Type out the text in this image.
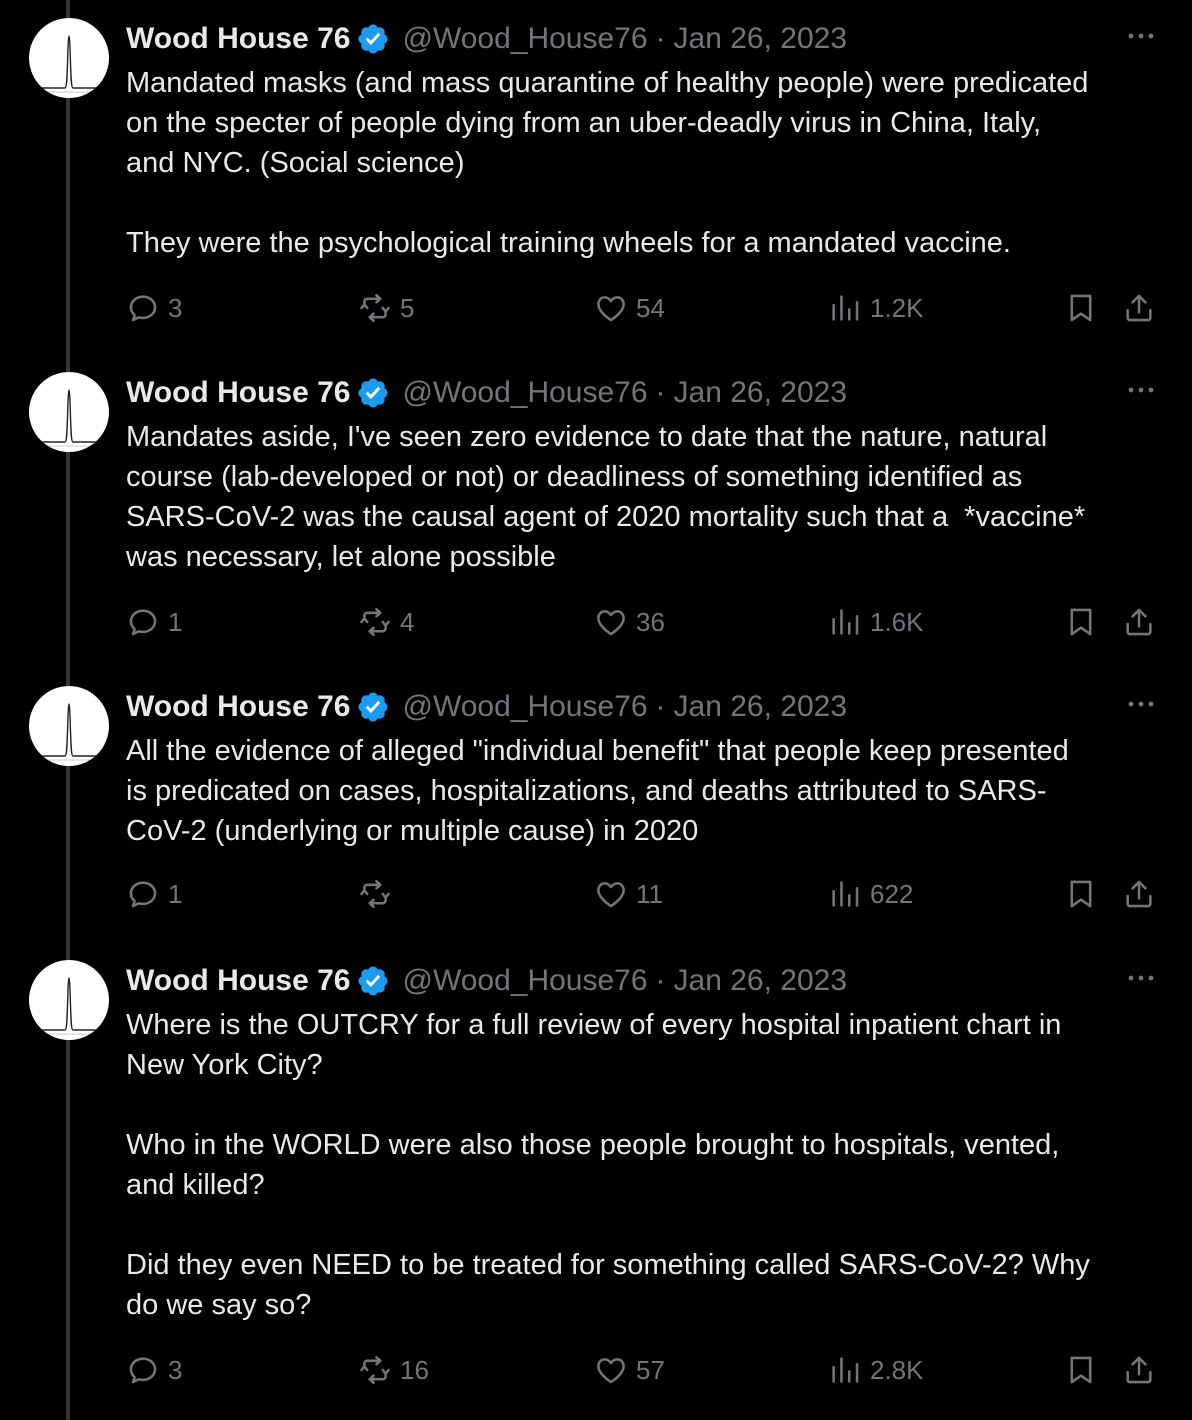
Wood House 76 @Wood_House76 · Jan 26, 2023
Mandated masks (and mass quarantine of healthy people) were predicated
on the specter of people dying from an uber-deadly virus in China, Italy,
and NYC. (Social science)

They were the psychological training wheels for a mandated vaccine.
3	5	54	1.2K
Wood House 76 @Wood_House76 · Jan 26, 2023
Mandates aside, I've seen zero evidence to date that the nature, natural
course (lab-developed or not) or deadliness of something identified as
SARS-CoV-2 was the causal agent of 2020 mortality such that a  *vaccine*
was necessary, let alone possible
1	4	36	1.6K
Wood House 76 @Wood_House76 · Jan 26, 2023
All the evidence of alleged "individual benefit" that people keep presented
is predicated on cases, hospitalizations, and deaths attributed to SARS-
CoV-2 (underlying or multiple cause) in 2020
1	11	622
Wood House 76 @Wood_House76 · Jan 26, 2023
Where is the OUTCRY for a full review of every hospital inpatient chart in
New York City?

Who in the WORLD were also those people brought to hospitals, vented,
and killed?

Did they even NEED to be treated for something called SARS-CoV-2? Why
do we say so?
3	16	57	2.8K
